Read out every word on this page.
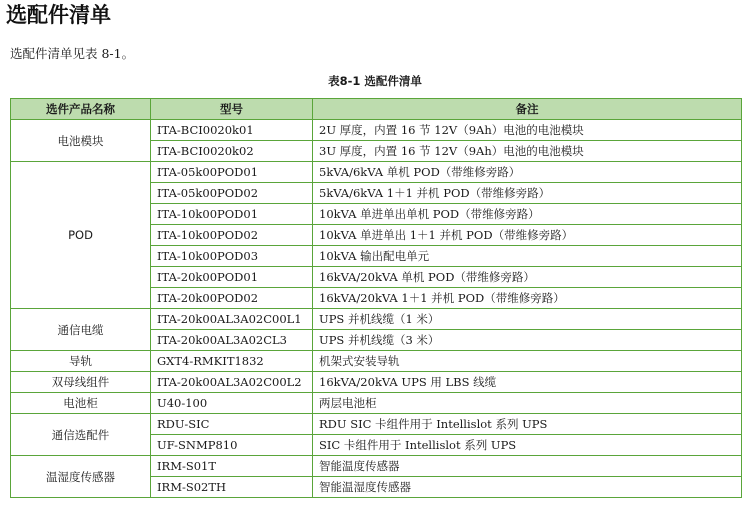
选配件清单
选配件清单见表 8-1。
表8-1 选配件清单
选件产品名称	型号	备注
电池模块	ITA-BCI0020k01	2U 厚度，内置 16 节 12V（9Ah）电池的电池模块
	ITA-BCI0020k02	3U 厚度，内置 16 节 12V（9Ah）电池的电池模块
POD	ITA-05k00POD01	5kVA/6kVA 单机 POD（带维修旁路）
	ITA-05k00POD02	5kVA/6kVA 1＋1 并机 POD（带维修旁路）
	ITA-10k00POD01	10kVA 单进单出单机 POD（带维修旁路）
	ITA-10k00POD02	10kVA 单进单出 1＋1 并机 POD（带维修旁路）
	ITA-10k00POD03	10kVA 输出配电单元
	ITA-20k00POD01	16kVA/20kVA 单机 POD（带维修旁路）
	ITA-20k00POD02	16kVA/20kVA 1＋1 并机 POD（带维修旁路）
通信电缆	ITA-20k00AL3A02C00L1	UPS 并机线缆（1 米）
	ITA-20k00AL3A02CL3	UPS 并机线缆（3 米）
导轨	GXT4-RMKIT1832	机架式安装导轨
双母线组件	ITA-20k00AL3A02C00L2	16kVA/20kVA UPS 用 LBS 线缆
电池柜	U40-100	两层电池柜
通信选配件	RDU-SIC	RDU SIC 卡组件用于 Intellislot 系列 UPS
	UF-SNMP810	SIC 卡组件用于 Intellislot 系列 UPS
温湿度传感器	IRM-S01T	智能温度传感器
	IRM-S02TH	智能温湿度传感器
